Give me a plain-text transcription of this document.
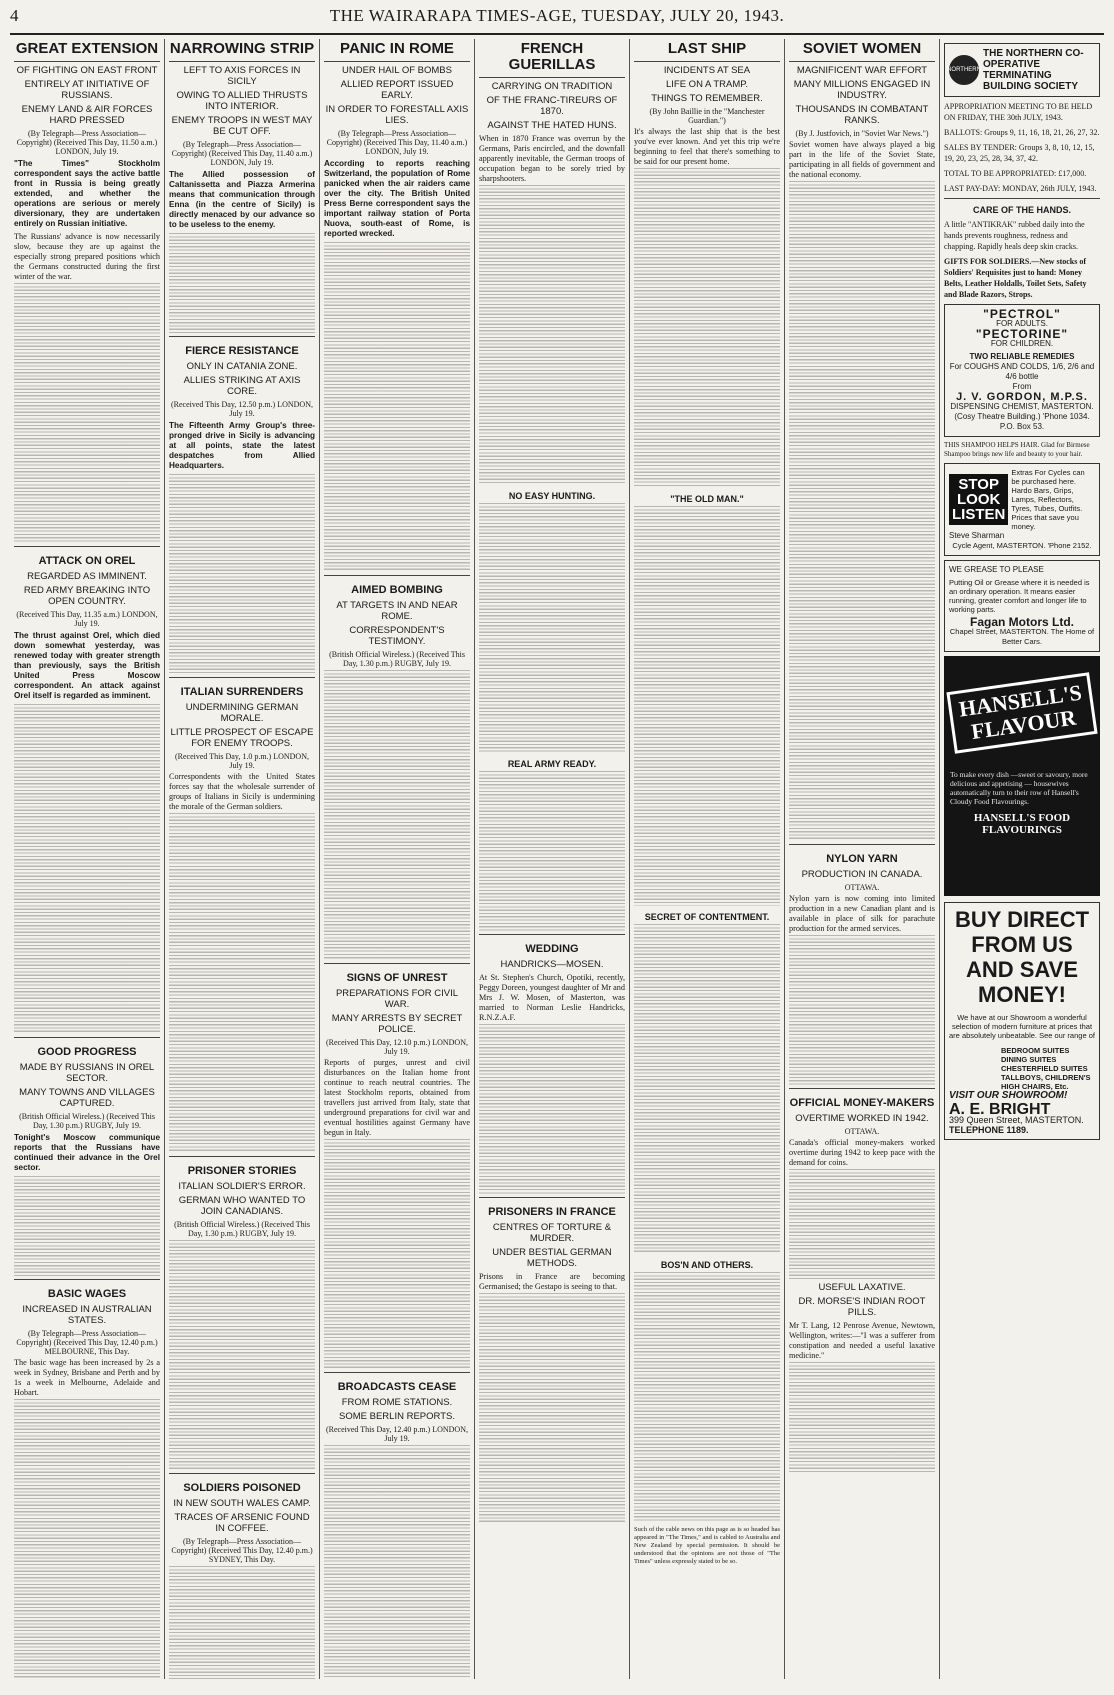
4	THE WAIRARAPA TIMES-AGE, TUESDAY, JULY 20, 1943.
GREAT EXTENSION
OF FIGHTING ON EAST FRONT
ENTIRELY AT INITIATIVE OF RUSSIANS.
ENEMY LAND & AIR FORCES HARD PRESSED
(By Telegraph—Press Association—Copyright) (Received This Day, 11.50 a.m.) LONDON, July 19.

"The Times" Stockholm correspondent says the active battle front in Russia is being greatly extended, and whether the operations are serious or merely diversionary, they are undertaken entirely on Russian initiative.

The Russians' advance is now necessarily slow, because they are up against the especially strong prepared positions which the Germans constructed during the first winter of the war.

ATTACK ON OREL
REGARDED AS IMMINENT.
RED ARMY BREAKING INTO OPEN COUNTRY.
(Received This Day, 11.35 a.m.) LONDON, July 19.

The thrust against Orel, which died down somewhat yesterday, was renewed today with greater strength than previously, says the British United Press Moscow correspondent. An attack against Orel itself is regarded as imminent.

GOOD PROGRESS
MADE BY RUSSIANS IN OREL SECTOR.
MANY TOWNS AND VILLAGES CAPTURED.
(British Official Wireless.) (Received This Day, 1.30 p.m.) RUGBY, July 19.

Tonight's Moscow communique reports that the Russians have continued their advance in the Orel sector.

BASIC WAGES
INCREASED IN AUSTRALIAN STATES.
(By Telegraph—Press Association—Copyright) (Received This Day, 12.40 p.m.) MELBOURNE, This Day.

The basic wage has been increased by 2s a week in Sydney, Brisbane and Perth and by 1s a week in Melbourne, Adelaide and Hobart.

NARROWING STRIP
LEFT TO AXIS FORCES IN SICILY
OWING TO ALLIED THRUSTS INTO INTERIOR.
ENEMY TROOPS IN WEST MAY BE CUT OFF.
(By Telegraph—Press Association—Copyright) (Received This Day, 11.40 a.m.) LONDON, July 19.

The Allied possession of Caltanissetta and Piazza Armerina means that communication through Enna (in the centre of Sicily) is directly menaced by our advance so to be useless to the enemy.

FIERCE RESISTANCE
ONLY IN CATANIA ZONE.
ALLIES STRIKING AT AXIS CORE.
(Received This Day, 12.50 p.m.) LONDON, July 19.

The Fifteenth Army Group's three-pronged drive in Sicily is advancing at all points, state the latest despatches from Allied Headquarters.

ITALIAN SURRENDERS
UNDERMINING GERMAN MORALE.
LITTLE PROSPECT OF ESCAPE FOR ENEMY TROOPS.
(Received This Day, 1.0 p.m.) LONDON, July 19.

Correspondents with the United States forces say that the wholesale surrender of groups of Italians in Sicily is undermining the morale of the German soldiers.

PRISONER STORIES
ITALIAN SOLDIER'S ERROR.
GERMAN WHO WANTED TO JOIN CANADIANS.
(British Official Wireless.) (Received This Day, 1.30 p.m.) RUGBY, July 19.
SOLDIERS POISONED
IN NEW SOUTH WALES CAMP.
TRACES OF ARSENIC FOUND IN COFFEE.
(By Telegraph—Press Association—Copyright) (Received This Day, 12.40 p.m.) SYDNEY, This Day.
PANIC IN ROME
UNDER HAIL OF BOMBS
ALLIED REPORT ISSUED EARLY.
IN ORDER TO FORESTALL AXIS LIES.
(By Telegraph—Press Association—Copyright) (Received This Day, 11.40 a.m.) LONDON, July 19.

According to reports reaching Switzerland, the population of Rome panicked when the air raiders came over the city. The British United Press Berne correspondent says the important railway station of Porta Nuova, south-east of Rome, is reported wrecked.

AIMED BOMBING
AT TARGETS IN AND NEAR ROME.
CORRESPONDENT'S TESTIMONY.
(British Official Wireless.) (Received This Day, 1.30 p.m.) RUGBY, July 19.
SIGNS OF UNREST
PREPARATIONS FOR CIVIL WAR.
MANY ARRESTS BY SECRET POLICE.
(Received This Day, 12.10 p.m.) LONDON, July 19.

Reports of purges, unrest and civil disturbances on the Italian home front continue to reach neutral countries. The latest Stockholm reports, obtained from travellers just arrived from Italy, state that underground preparations for civil war and eventual hostilities against Germany have begun in Italy.

BROADCASTS CEASE
FROM ROME STATIONS.
SOME BERLIN REPORTS.
(Received This Day, 12.40 p.m.) LONDON, July 19.
FRENCH GUERILLAS
CARRYING ON TRADITION
OF THE FRANC-TIREURS OF 1870.
AGAINST THE HATED HUNS.

When in 1870 France was overrun by the Germans, Paris encircled, and the downfall apparently inevitable, the German troops of occupation began to be sorely tried by sharpshooters.

NO EASY HUNTING.
REAL ARMY READY.
WEDDING
HANDRICKS—MOSEN.

At St. Stephen's Church, Opotiki, recently, Peggy Doreen, youngest daughter of Mr and Mrs J. W. Mosen, of Masterton, was married to Norman Leslie Handricks, R.N.Z.A.F.

PRISONERS IN FRANCE
CENTRES OF TORTURE & MURDER.
UNDER BESTIAL GERMAN METHODS.

Prisons in France are becoming Germanised; the Gestapo is seeing to that.

LAST SHIP
INCIDENTS AT SEA
LIFE ON A TRAMP.
THINGS TO REMEMBER.
(By John Baillie in the "Manchester Guardian.")

It's always the last ship that is the best you've ever known. And yet this trip we're beginning to feel that there's something to be said for our present home.

"THE OLD MAN."
SECRET OF CONTENTMENT.
BOS'N AND OTHERS.
Such of the cable news on this page as is so headed has appeared in "The Times," and is cabled to Australia and New Zealand by special permission. It should be understood that the opinions are not those of "The Times" unless expressly stated to be so.
SOVIET WOMEN
MAGNIFICENT WAR EFFORT
MANY MILLIONS ENGAGED IN INDUSTRY.
THOUSANDS IN COMBATANT RANKS.
(By J. Justfovich, in "Soviet War News.")

Soviet women have always played a big part in the life of the Soviet State, participating in all fields of government and the national economy.

NYLON YARN
PRODUCTION IN CANADA.
OTTAWA.

Nylon yarn is now coming into limited production in a new Canadian plant and is available in place of silk for parachute production for the armed services.

OFFICIAL MONEY-MAKERS
OVERTIME WORKED IN 1942.
OTTAWA.

Canada's official money-makers worked overtime during 1942 to keep pace with the demand for coins.

USEFUL LAXATIVE.
DR. MORSE'S INDIAN ROOT PILLS.

Mr T. Lang, 12 Penrose Avenue, Newtown, Wellington, writes:—"I was a sufferer from constipation and needed a useful laxative medicine."

NORTHERN
THE NORTHERN CO-OPERATIVE TERMINATING BUILDING SOCIETY
APPROPRIATION MEETING TO BE HELD ON FRIDAY, THE 30th JULY, 1943.
BALLOTS: Groups 9, 11, 16, 18, 21, 26, 27, 32.
SALES BY TENDER: Groups 3, 8, 10, 12, 15, 19, 20, 23, 25, 28, 34, 37, 42.
TOTAL TO BE APPROPRIATED: £17,000.
LAST PAY-DAY: MONDAY, 26th JULY, 1943.
CARE OF THE HANDS.
A little "ANTIKRAK" rubbed daily into the hands prevents roughness, redness and chapping. Rapidly heals deep skin cracks.
GIFTS FOR SOLDIERS.—New stocks of Soldiers' Requisites just to hand: Money Belts, Leather Holdalls, Toilet Sets, Safety and Blade Razors, Strops.
"PECTROL"
FOR ADULTS.
"PECTORINE"
FOR CHILDREN.
TWO RELIABLE REMEDIES
For COUGHS AND COLDS, 1/6, 2/6 and 4/6 bottle
From
J. V. GORDON, M.P.S.
DISPENSING CHEMIST, MASTERTON.
(Cosy Theatre Building.) 'Phone 1034. P.O. Box 53.
THIS SHAMPOO HELPS HAIR. Glad for Birmese Shampoo brings new life and beauty to your hair.
STOP LOOK LISTEN
Extras For Cycles can be purchased here. Hardo Bars, Grips, Lamps, Reflectors, Tyres, Tubes, Outfits. Prices that save you money.
Steve Sharman
Cycle Agent, MASTERTON. 'Phone 2152.
WE GREASE TO PLEASE
Putting Oil or Grease where it is needed is an ordinary operation. It means easier running, greater comfort and longer life to working parts.
Fagan Motors Ltd.
Chapel Street, MASTERTON. The Home of Better Cars.
HANSELL'S FLAVOUR
To make every dish —sweet or savoury, more delicious and appetising — housewives automatically turn to their row of Hansell's Cloudy Food Flavourings.
HANSELL'S FOOD FLAVOURINGS
BUY DIRECT FROM US AND SAVE MONEY!
We have at our Showroom a wonderful selection of modern furniture at prices that are absolutely unbeatable. See our range of
BEDROOM SUITES
DINING SUITES
CHESTERFIELD SUITES
TALLBOYS, CHILDREN'S HIGH CHAIRS, Etc.
VISIT OUR SHOWROOM!
A. E. BRIGHT
399 Queen Street, MASTERTON.
TELEPHONE 1189.
